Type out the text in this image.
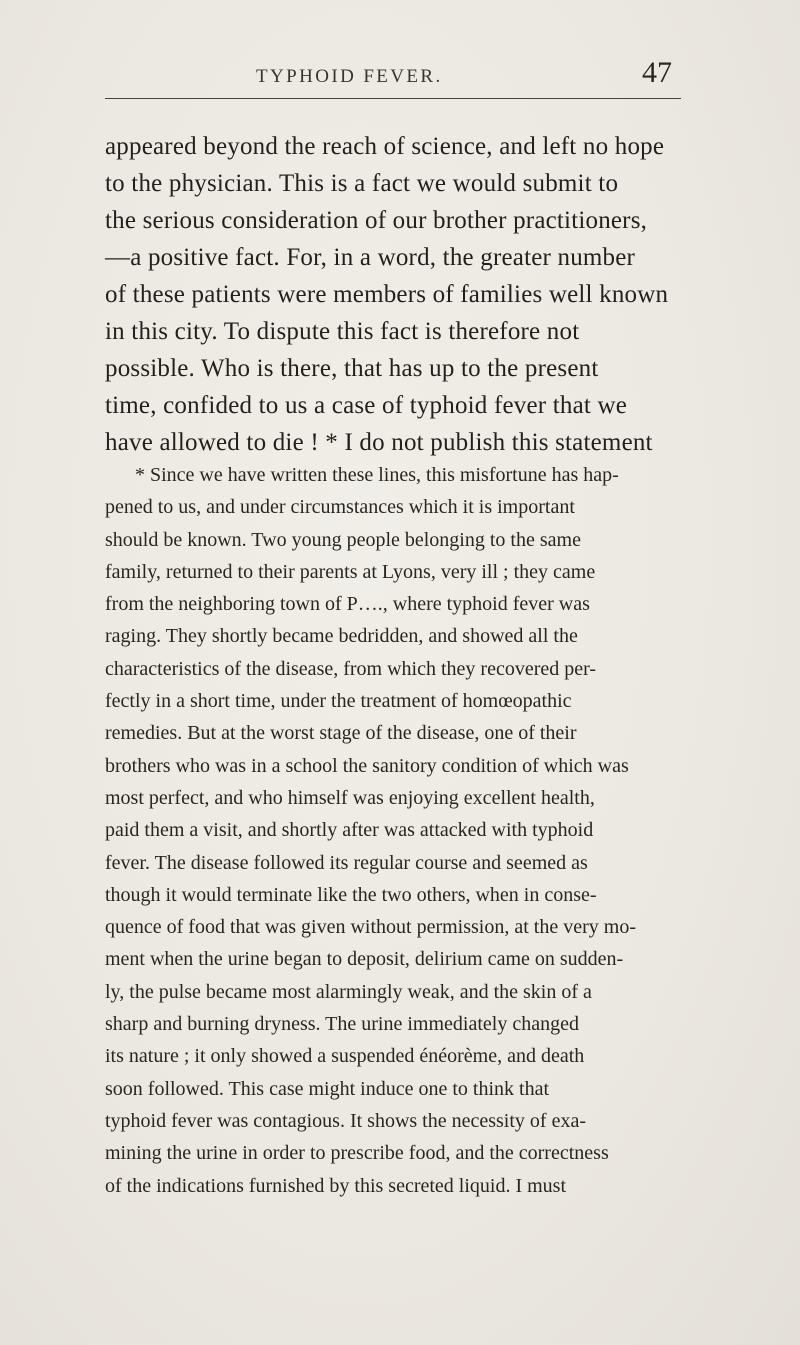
TYPHOID FEVER.	47
appeared beyond the reach of science, and left no hope
to the physician. This is a fact we would submit to
the serious consideration of our brother practitioners,
—a positive fact. For, in a word, the greater number
of these patients were members of families well known
in this city. To dispute this fact is therefore not
possible. Who is there, that has up to the present
time, confided to us a case of typhoid fever that we
have allowed to die ! * I do not publish this statement
* Since we have written these lines, this misfortune has hap-
pened to us, and under circumstances which it is important
should be known. Two young people belonging to the same
family, returned to their parents at Lyons, very ill ; they came
from the neighboring town of P…., where typhoid fever was
raging. They shortly became bedridden, and showed all the
characteristics of the disease, from which they recovered per-
fectly in a short time, under the treatment of homœopathic
remedies. But at the worst stage of the disease, one of their
brothers who was in a school the sanitory condition of which was
most perfect, and who himself was enjoying excellent health,
paid them a visit, and shortly after was attacked with typhoid
fever. The disease followed its regular course and seemed as
though it would terminate like the two others, when in conse-
quence of food that was given without permission, at the very mo-
ment when the urine began to deposit, delirium came on sudden-
ly, the pulse became most alarmingly weak, and the skin of a
sharp and burning dryness. The urine immediately changed
its nature ; it only showed a suspended énéorème, and death
soon followed. This case might induce one to think that
typhoid fever was contagious. It shows the necessity of exa-
mining the urine in order to prescribe food, and the correctness
of the indications furnished by this secreted liquid. I must
